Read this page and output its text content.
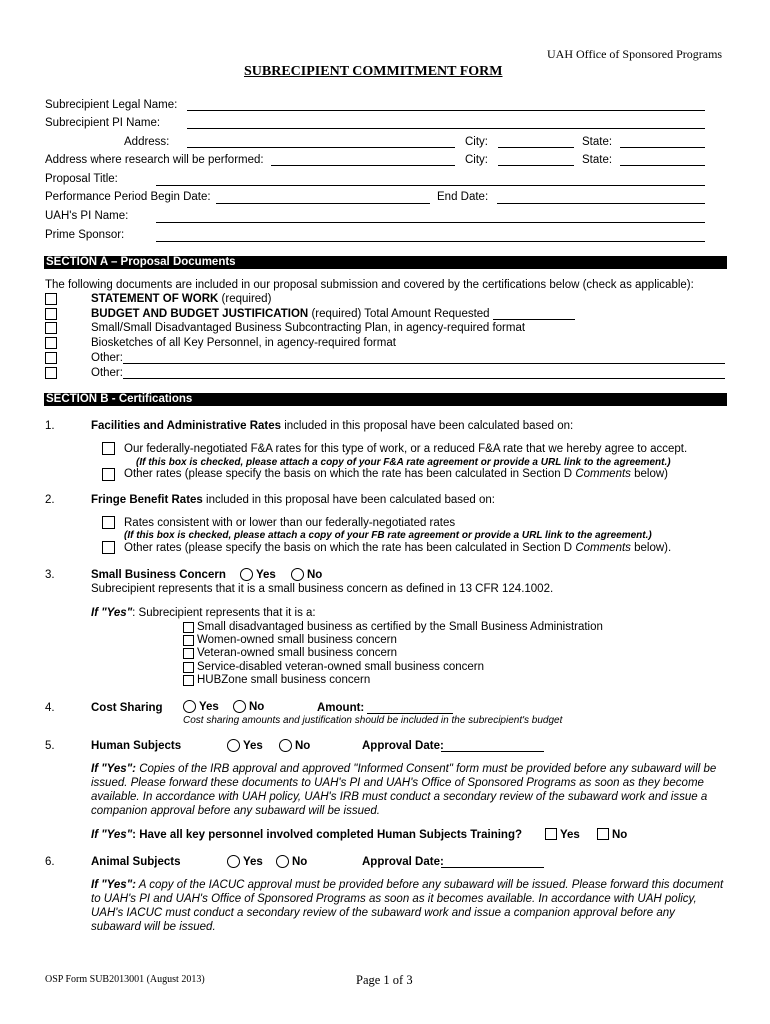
UAH Office of Sponsored Programs
SUBRECIPIENT COMMITMENT FORM
Subrecipient Legal Name:
Subrecipient PI Name:
Address:	City:	State:
Address where research will be performed:	City:	State:
Proposal Title:
Performance Period Begin Date:	End Date:
UAH's PI Name:
Prime Sponsor:
SECTION A – Proposal Documents
The following documents are included in our proposal submission and covered by the certifications below (check as applicable):
STATEMENT OF WORK (required)
BUDGET AND BUDGET JUSTIFICATION (required) Total Amount Requested
Small/Small Disadvantaged Business Subcontracting Plan, in agency-required format
Biosketches of all Key Personnel, in agency-required format
Other:
Other:
SECTION B - Certifications
1.	Facilities and Administrative Rates included in this proposal have been calculated based on:
Our federally-negotiated F&A rates for this type of work, or a reduced F&A rate that we hereby agree to accept.
(If this box is checked, please attach a copy of your F&A rate agreement or provide a URL link to the agreement.)
Other rates (please specify the basis on which the rate has been calculated in Section D Comments below)
2.	Fringe Benefit Rates included in this proposal have been calculated based on:
Rates consistent with or lower than our federally-negotiated rates
(If this box is checked, please attach a copy of your FB rate agreement or provide a URL link to the agreement.)
Other rates (please specify the basis on which the rate has been calculated in Section D Comments below).
3.	Small Business Concern	Yes	No
Subrecipient represents that it is a small business concern as defined in 13 CFR 124.1002.
If "Yes": Subrecipient represents that it is a:
Small disadvantaged business as certified by the Small Business Administration
Women-owned small business concern
Veteran-owned small business concern
Service-disabled veteran-owned small business concern
HUBZone small business concern
4.	Cost Sharing	Yes	No	Amount:
Cost sharing amounts and justification should be included in the subrecipient's budget
5.	Human Subjects	Yes	No	Approval Date:
If "Yes": Copies of the IRB approval and approved "Informed Consent" form must be provided before any subaward will be issued. Please forward these documents to UAH's PI and UAH's Office of Sponsored Programs as soon as they become available. In accordance with UAH policy, UAH's IRB must conduct a secondary review of the subaward work and issue a companion approval before any subaward will be issued.
If "Yes": Have all key personnel involved completed Human Subjects Training?	Yes	No
6.	Animal Subjects	Yes	No	Approval Date:
If "Yes": A copy of the IACUC approval must be provided before any subaward will be issued. Please forward this document to UAH's PI and UAH's Office of Sponsored Programs as soon as it becomes available. In accordance with UAH policy, UAH's IACUC must conduct a secondary review of the subaward work and issue a companion approval before any subaward will be issued.
OSP Form SUB2013001 (August 2013)	Page 1 of 3
